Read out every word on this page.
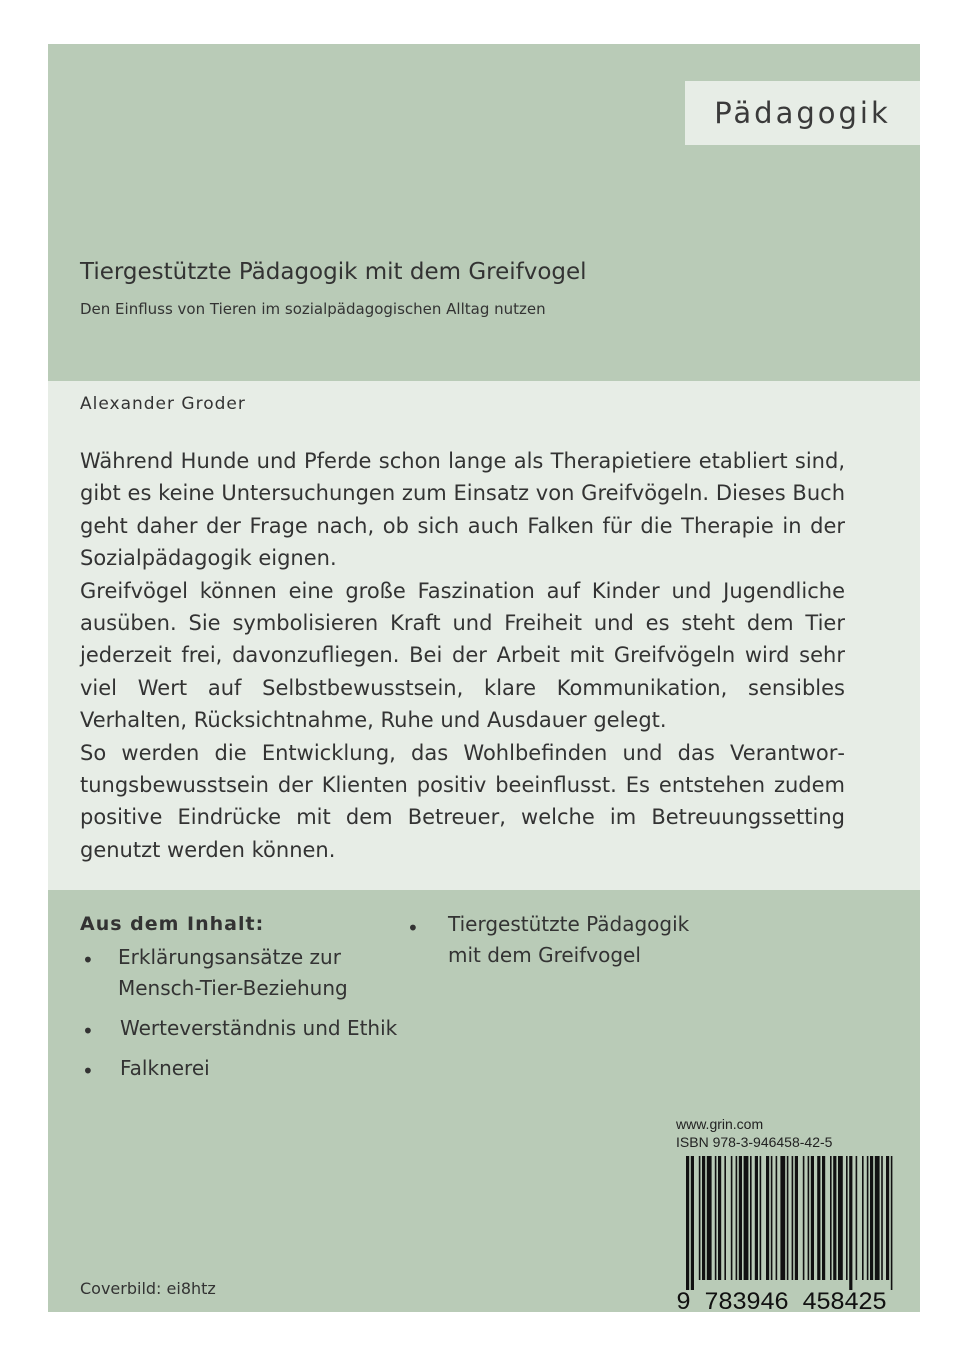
Pädagogik
Tiergestützte Pädagogik mit dem Greifvogel
Den Einfluss von Tieren im sozialpädagogischen Alltag nutzen
Alexander Groder

Während Hunde und Pferde schon lange als Therapietiere etabliert sind, gibt es keine Untersuchungen zum Einsatz von Greifvögeln. Dieses Buch geht daher der Frage nach, ob sich auch Falken für die Therapie in der Sozialpädagogik eignen.

Greifvögel können eine große Faszination auf Kinder und Jugendliche ausüben. Sie symbolisieren Kraft und Freiheit und es steht dem Tier jederzeit frei, davonzufliegen. Bei der Arbeit mit Greifvögeln wird sehr viel Wert auf Selbstbewusstsein, klare Kommunikation, sensibles Verhalten, Rücksichtnahme, Ruhe und Ausdauer gelegt.

So werden die Entwicklung, das Wohlbefinden und das Verantwortungsbewusstsein der Klienten positiv beeinflusst. Es entstehen zudem positive Eindrücke mit dem Betreuer, welche im Betreuungssetting genutzt werden können.

Aus dem Inhalt:
• Erklärungsansätze zur Mensch-Tier-Beziehung
• Werteverständnis und Ethik
• Falknerei
• Tiergestützte Pädagogik mit dem Greifvogel
www.grin.com
ISBN 978-3-946458-42-5
9 783946 458425
Coverbild: ei8htz
